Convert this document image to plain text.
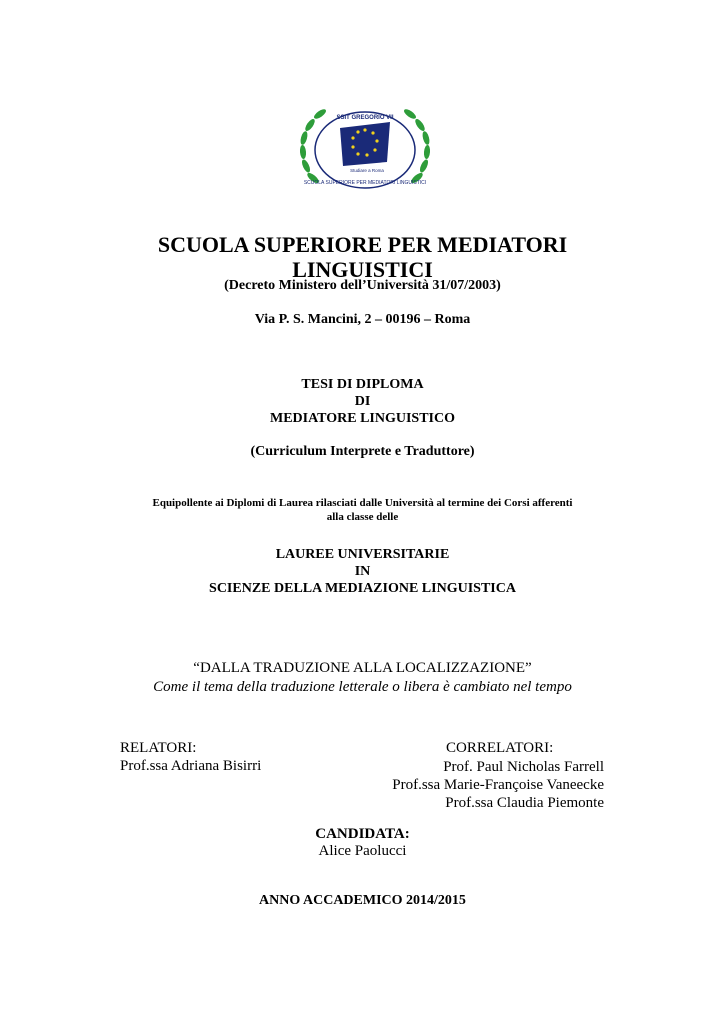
SSIT GREGORIO VII
Studiare a Roma
SCUOLA SUPERIORE PER MEDIATORI LINGUISTICI
SCUOLA SUPERIORE PER MEDIATORI
LINGUISTICI
(Decreto Ministero dell’Università 31/07/2003)
Via P. S. Mancini, 2 – 00196 – Roma
TESI DI DIPLOMA
DI
MEDIATORE LINGUISTICO
(Curriculum Interprete e Traduttore)
Equipollente ai Diplomi di Laurea rilasciati dalle Università al termine dei Corsi afferenti
alla classe delle
LAUREE UNIVERSITARIE
IN
SCIENZE DELLA MEDIAZIONE LINGUISTICA
“DALLA TRADUZIONE ALLA LOCALIZZAZIONE”
Come il tema della traduzione letterale o libera è cambiato nel tempo
RELATORI:
Prof.ssa Adriana Bisirri
CORRELATORI:
Prof. Paul Nicholas Farrell
Prof.ssa Marie-Françoise Vaneecke
Prof.ssa Claudia Piemonte
CANDIDATA:
Alice Paolucci
ANNO ACCADEMICO 2014/2015
